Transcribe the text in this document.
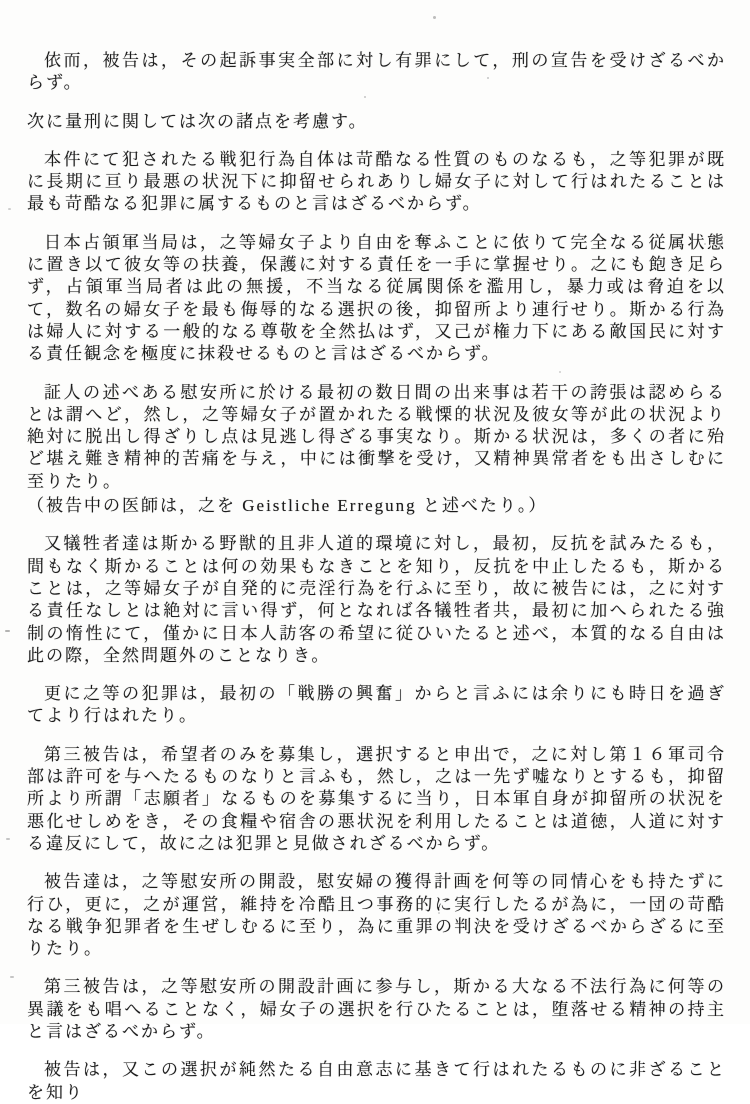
依而，被告は，その起訴事実全部に対し有罪にして，刑の宣告を受けざるべからず。

次に量刑に関しては次の諸点を考慮す。

本件にて犯されたる戦犯行為自体は苛酷なる性質のものなるも，之等犯罪が既に長期に亘り最悪の状況下に抑留せられありし婦女子に対して行はれたることは最も苛酷なる犯罪に属するものと言はざるべからず。

日本占領軍当局は，之等婦女子より自由を奪ふことに依りて完全なる従属状態に置き以て彼女等の扶養，保護に対する責任を一手に掌握せり。之にも飽き足らず，占領軍当局者は此の無援，不当なる従属関係を濫用し，暴力或は脅迫を以て，数名の婦女子を最も侮辱的なる選択の後，抑留所より連行せり。斯かる行為は婦人に対する一般的なる尊敬を全然払はず，又己が権力下にある敵国民に対する責任観念を極度に抹殺せるものと言はざるべからず。

証人の述べある慰安所に於ける最初の数日間の出来事は若干の誇張は認めらるとは謂へど，然し，之等婦女子が置かれたる戦慄的状況及彼女等が此の状況より絶対に脱出し得ざりし点は見逃し得ざる事実なり。斯かる状況は，多くの者に殆ど堪え難き精神的苦痛を与え，中には衝撃を受け，又精神異常者をも出さしむに至りたり。

（被告中の医師は，之を Geistliche Erregung と述べたり。）

又犠牲者達は斯かる野獣的且非人道的環境に対し，最初，反抗を試みたるも，間もなく斯かることは何の効果もなきことを知り，反抗を中止したるも，斯かることは，之等婦女子が自発的に売淫行為を行ふに至り，故に被告には，之に対する責任なしとは絶対に言い得ず，何となれば各犠牲者共，最初に加へられたる強制の惰性にて，僅かに日本人訪客の希望に従ひいたると述べ，本質的なる自由は此の際，全然問題外のことなりき。

更に之等の犯罪は，最初の「戦勝の興奮」からと言ふには余りにも時日を過ぎてより行はれたり。

第三被告は，希望者のみを募集し，選択すると申出で，之に対し第１６軍司令部は許可を与へたるものなりと言ふも，然し，之は一先ず嘘なりとするも，抑留所より所謂「志願者」なるものを募集するに当り，日本軍自身が抑留所の状況を悪化せしめをき，その食糧や宿舎の悪状況を利用したることは道徳，人道に対する違反にして，故に之は犯罪と見做されざるべからず。

被告達は，之等慰安所の開設，慰安婦の獲得計画を何等の同情心をも持たずに行ひ，更に，之が運営，維持を冷酷且つ事務的に実行したるが為に，一団の苛酷なる戦争犯罪者を生ぜしむるに至り，為に重罪の判決を受けざるべからざるに至りたり。

第三被告は，之等慰安所の開設計画に参与し，斯かる大なる不法行為に何等の異議をも唱へることなく，婦女子の選択を行ひたることは，堕落せる精神の持主と言はざるべからず。

被告は，又この選択が純然たる自由意志に基きて行はれたるものに非ざることを知り
